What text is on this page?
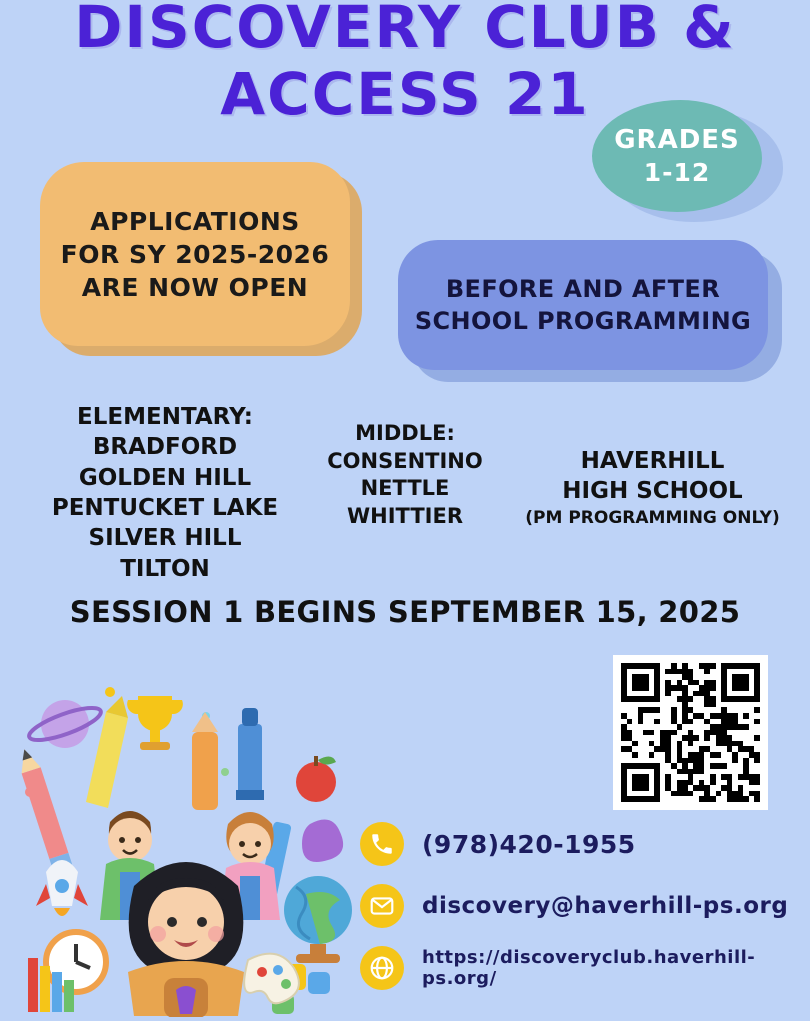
DISCOVERY CLUB &
ACCESS 21
GRADES
1-12
APPLICATIONS
FOR SY 2025-2026
ARE NOW OPEN	BEFORE AND AFTER
SCHOOL PROGRAMMING
ELEMENTARY:
BRADFORD
GOLDEN HILL
PENTUCKET LAKE
SILVER HILL
TILTON
MIDDLE:
CONSENTINO
NETTLE
WHITTIER
HAVERHILL
HIGH SCHOOL
(PM PROGRAMMING ONLY)
SESSION 1 BEGINS SEPTEMBER 15, 2025
(978)420-1955
discovery@haverhill-ps.org
https://discoveryclub.haverhill-ps.org/
